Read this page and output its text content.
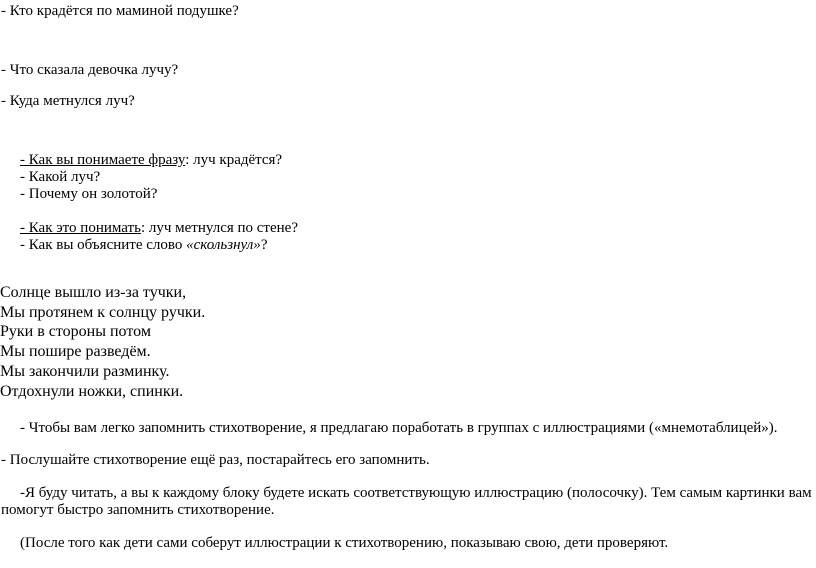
- Кто крадётся по маминой подушке?
- Что сказала девочка лучу?
- Куда метнулся луч?
- Как вы понимаете фразу: луч крадётся?
- Какой луч?
- Почему он золотой?
- Как это понимать: луч метнулся по стене?
- Как вы объясните слово «скользнул»?
Солнце вышло из-за тучки,
Мы протянем к солнцу ручки.
Руки в стороны потом
Мы пошире разведём.
Мы закончили разминку.
Отдохнули ножки, спинки.
- Чтобы вам легко запомнить стихотворение, я предлагаю поработать в группах с иллюстрациями («мнемотаблицей»).
- Послушайте стихотворение ещё раз, постарайтесь его запомнить.
-Я буду читать, а вы к каждому блоку будете искать соответствующую иллюстрацию (полосочку). Тем самым картинки вам
помогут быстро запомнить стихотворение.
(После того как дети сами соберут иллюстрации к стихотворению, показываю свою, дети проверяют.
